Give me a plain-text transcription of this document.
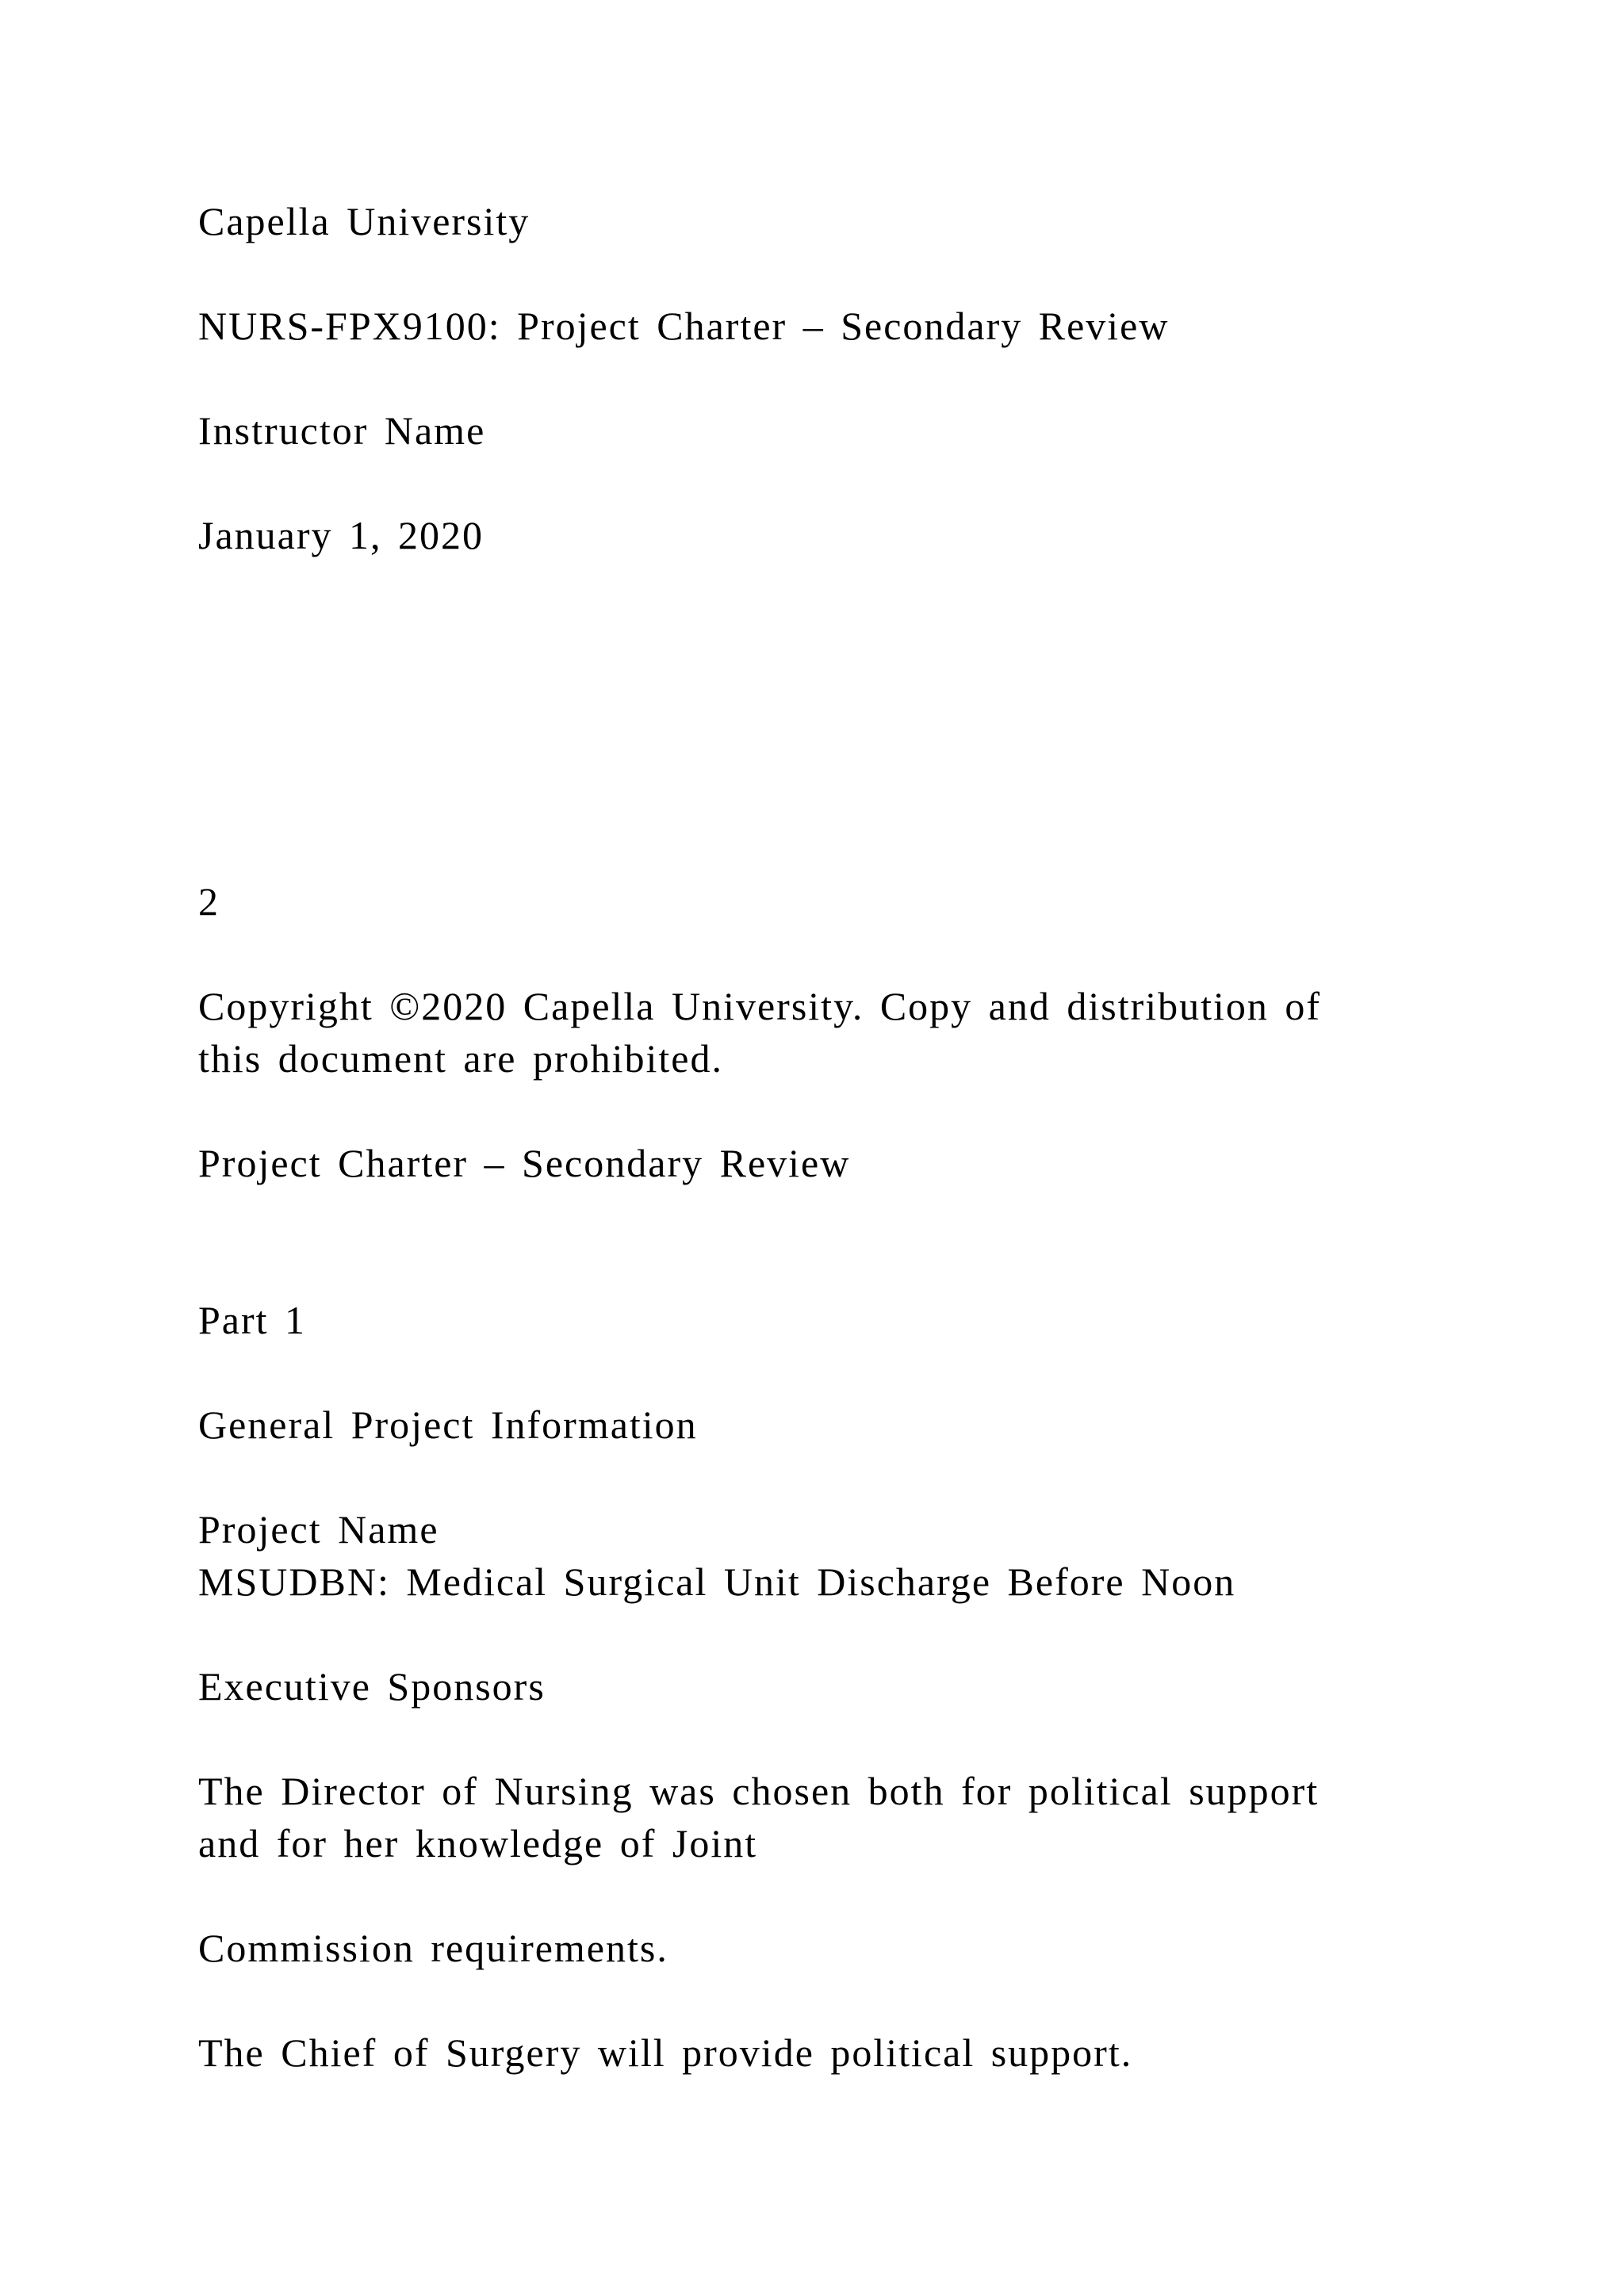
Capella University

NURS-FPX9100: Project Charter – Secondary Review

Instructor Name

January 1, 2020

2

Copyright ©2020 Capella University. Copy and distribution of

this document are prohibited.

Project Charter – Secondary Review

Part 1

General Project Information

Project Name

MSUDBN: Medical Surgical Unit Discharge Before Noon

Executive Sponsors

The Director of Nursing was chosen both for political support

and for her knowledge of Joint

Commission requirements.

The Chief of Surgery will provide political support.
